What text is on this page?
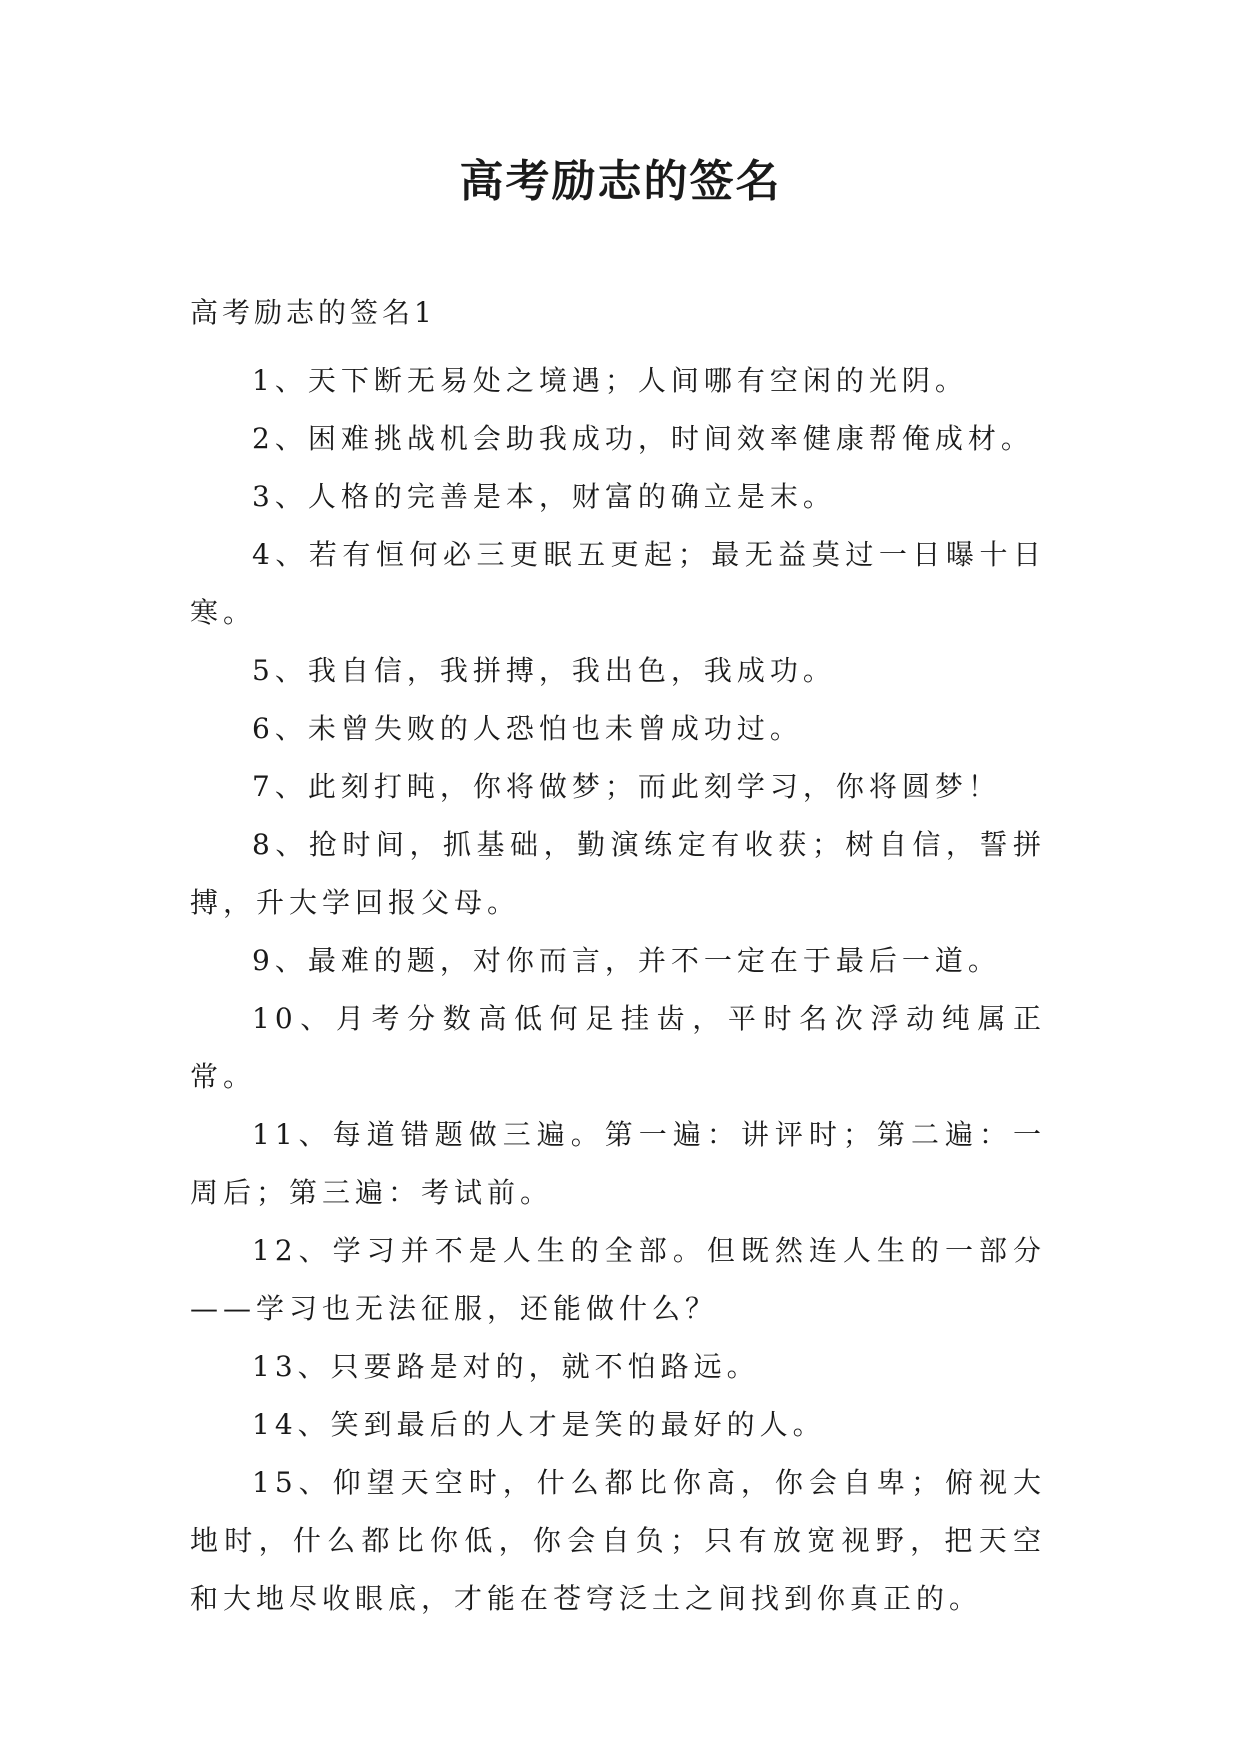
高考励志的签名

高考励志的签名1

1、天下断无易处之境遇；人间哪有空闲的光阴。

2、困难挑战机会助我成功，时间效率健康帮俺成材。

3、人格的完善是本，财富的确立是末。

4、若有恒何必三更眠五更起；最无益莫过一日曝十日寒。

5、我自信，我拼搏，我出色，我成功。

6、未曾失败的人恐怕也未曾成功过。

7、此刻打盹，你将做梦；而此刻学习，你将圆梦！

8、抢时间，抓基础，勤演练定有收获；树自信，誓拼搏，升大学回报父母。

9、最难的题，对你而言，并不一定在于最后一道。

10、月考分数高低何足挂齿，平时名次浮动纯属正常。

11、每道错题做三遍。第一遍：讲评时；第二遍：一周后；第三遍：考试前。

12、学习并不是人生的全部。但既然连人生的一部分——学习也无法征服，还能做什么？

13、只要路是对的，就不怕路远。

14、笑到最后的人才是笑的最好的人。

15、仰望天空时，什么都比你高，你会自卑；俯视大地时，什么都比你低，你会自负；只有放宽视野，把天空和大地尽收眼底，才能在苍穹泛土之间找到你真正的。
